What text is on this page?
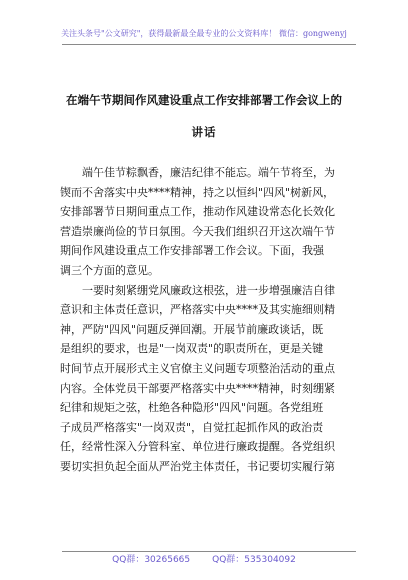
关注头条号"公文研究"，获得最新最全最专业的公文资料库！ 微信：gongwenyj
在端午节期间作风建设重点工作安排部署工作会议上的
讲话

　　端午佳节粽飘香，廉洁纪律不能忘。端午节将至，为
锲而不舍落实中央****精神，持之以恒纠"四风"树新风，
安排部署节日期间重点工作，推动作风建设常态化长效化
营造崇廉尚俭的节日氛围。今天我们组织召开这次端午节
期间作风建设重点工作安排部署工作会议。下面，我强
调三个方面的意见。

　　一要时刻紧绷党风廉政这根弦，进一步增强廉洁自律
意识和主体责任意识，严格落实中央****及其实施细则精
神，严防"四风"问题反弹回潮。开展节前廉政谈话，既
是组织的要求，也是"一岗双责"的职责所在，更是关键
时间节点开展形式主义官僚主义问题专项整治活动的重点
内容。全体党员干部要严格落实中央****精神，时刻绷紧
纪律和规矩之弦，杜绝各种隐形"四风"问题。各党组班
子成员严格落实"一岗双责"，自觉扛起抓作风的政治责
任，经常性深入分管科室、单位进行廉政提醒。各党组织
要切实担负起全面从严治党主体责任，书记要切实履行第

QQ群：30265665 QQ群：535304092
